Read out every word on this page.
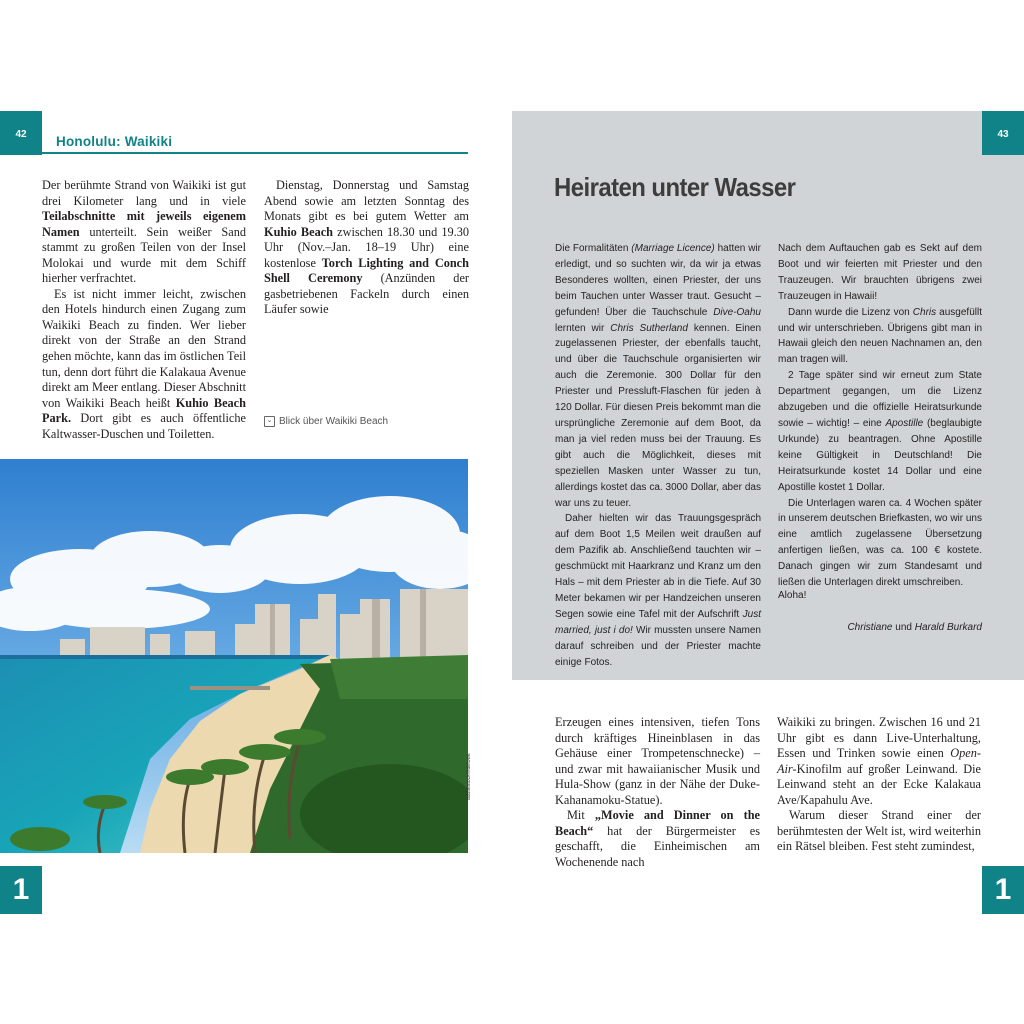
42	Honolulu: Waikiki

Der berühmte Strand von Waikiki ist gut drei Kilometer lang und in viele Teilabschnitte mit jeweils eigenem Namen unterteilt. Sein weißer Sand stammt zu großen Teilen von der Insel Molokai und wurde mit dem Schiff hierher verfrachtet.

Es ist nicht immer leicht, zwischen den Hotels hindurch einen Zugang zum Waikiki Beach zu finden. Wer lieber direkt von der Straße an den Strand gehen möchte, kann das im östlichen Teil tun, denn dort führt die Kalakaua Avenue direkt am Meer entlang. Dieser Abschnitt von Waikiki Beach heißt Kuhio Beach Park. Dort gibt es auch öffentliche Kaltwasser-Duschen und Toiletten.

Dienstag, Donnerstag und Samstag Abend sowie am letzten Sonntag des Monats gibt es bei gutem Wetter am Kuhio Beach zwischen 18.30 und 19.30 Uhr (Nov.–Jan. 18–19 Uhr) eine kostenlose Torch Lighting and Conch Shell Ceremony (Anzünden der gasbetriebenen Fackeln durch einen Läufer sowie

⌄ Blick über Waikiki Beach
adobestock©Idetowe
1
43
Heiraten unter Wasser

Die Formalitäten (Marriage Licence) hatten wir erledigt, und so suchten wir, da wir ja etwas Besonderes wollten, einen Priester, der uns beim Tauchen unter Wasser traut. Gesucht – gefunden! Über die Tauchschule Dive-Oahu lernten wir Chris Sutherland kennen. Einen zugelassenen Priester, der ebenfalls taucht, und über die Tauchschule organisierten wir auch die Zeremonie. 300 Dollar für den Priester und Pressluft-Flaschen für jeden à 120 Dollar. Für diesen Preis bekommt man die ursprüngliche Zeremonie auf dem Boot, da man ja viel reden muss bei der Trauung. Es gibt auch die Möglichkeit, dieses mit speziellen Masken unter Wasser zu tun, allerdings kostet das ca. 3000 Dollar, aber das war uns zu teuer.

Daher hielten wir das Trauungsgespräch auf dem Boot 1,5 Meilen weit draußen auf dem Pazifik ab. Anschließend tauchten wir – geschmückt mit Haarkranz und Kranz um den Hals – mit dem Priester ab in die Tiefe. Auf 30 Meter bekamen wir per Handzeichen unseren Segen sowie eine Tafel mit der Aufschrift Just married, just i do! Wir mussten unsere Namen darauf schreiben und der Priester machte einige Fotos.

Nach dem Auftauchen gab es Sekt auf dem Boot und wir feierten mit Priester und den Trauzeugen. Wir brauchten übrigens zwei Trauzeugen in Hawaii!

Dann wurde die Lizenz von Chris ausgefüllt und wir unterschrieben. Übrigens gibt man in Hawaii gleich den neuen Nachnamen an, den man tragen will.

2 Tage später sind wir erneut zum State Department gegangen, um die Lizenz abzugeben und die offizielle Heiratsurkunde sowie – wichtig! – eine Apostille (beglaubigte Urkunde) zu beantragen. Ohne Apostille keine Gültigkeit in Deutschland! Die Heiratsurkunde kostet 14 Dollar und eine Apostille kostet 1 Dollar.

Die Unterlagen waren ca. 4 Wochen später in unserem deutschen Briefkasten, wo wir uns eine amtlich zugelassene Übersetzung anfertigen ließen, was ca. 100 € kostete. Danach gingen wir zum Standesamt und ließen die Unterlagen direkt umschreiben.

Aloha!
Christiane und Harald Burkard

Erzeugen eines intensiven, tiefen Tons durch kräftiges Hineinblasen in das Gehäuse einer Trompetenschnecke) – und zwar mit hawaiianischer Musik und Hula-Show (ganz in der Nähe der Duke-Kahanamoku-Statue).

Mit „Movie and Dinner on the Beach“ hat der Bürgermeister es geschafft, die Einheimischen am Wochenende nach

Waikiki zu bringen. Zwischen 16 und 21 Uhr gibt es dann Live-Unterhaltung, Essen und Trinken sowie einen Open-Air-Kinofilm auf großer Leinwand. Die Leinwand steht an der Ecke Kalakaua Ave/Kapahulu Ave.

Warum dieser Strand einer der berühmtesten der Welt ist, wird weiterhin ein Rätsel bleiben. Fest steht zumindest,

1
